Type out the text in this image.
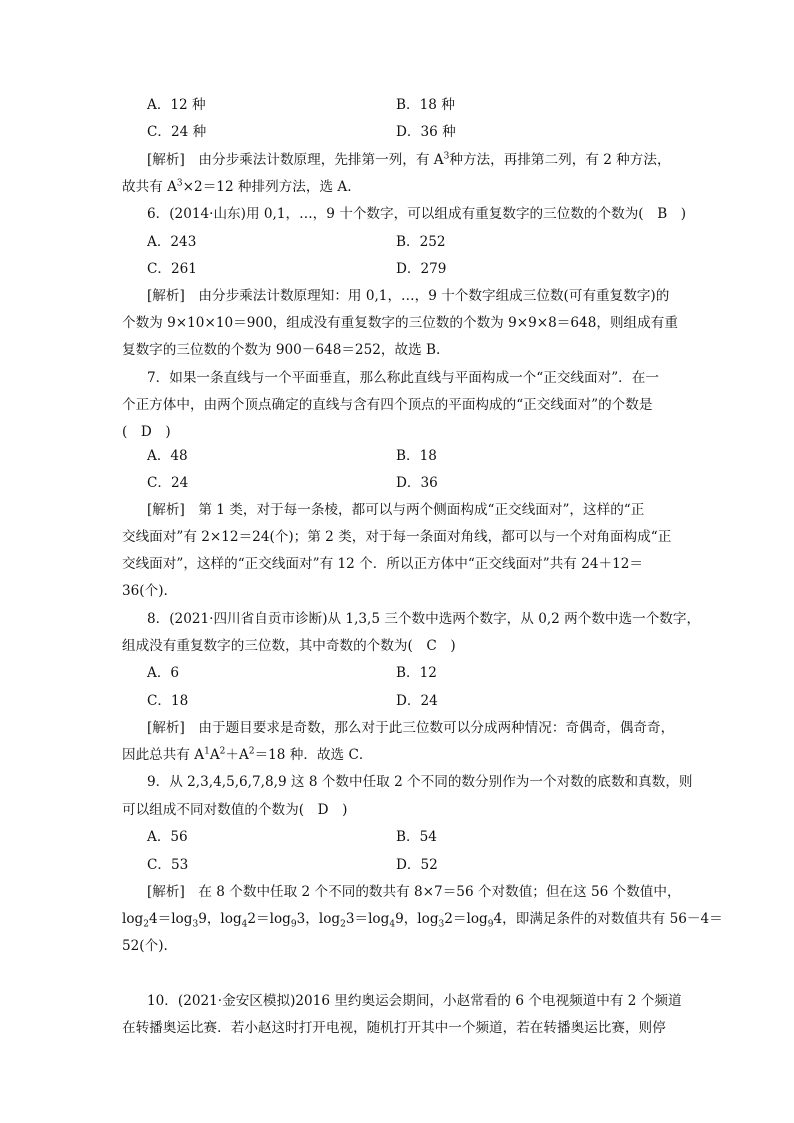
A．12 种	B．18 种
C．24 种	D．36 种
[解析]　由分步乘法计数原理，先排第一列，有 $A^3$种方法，再排第二列，有 2 种方法，
故共有 $A^3\times 2=12$ 种排列方法，选 A.
6．(2014·山东)用 0,1，…，9 十个数字，可以组成有重复数字的三位数的个数为(　B　)
A．243	B．252
C．261	D．279
[解析]　由分步乘法计数原理知：用 0,1，…，9 十个数字组成三位数(可有重复数字)的
个数为 9×10×10＝900，组成没有重复数字的三位数的个数为 9×9×8＝648，则组成有重
复数字的三位数的个数为 900－648＝252，故选 B.
7．如果一条直线与一个平面垂直，那么称此直线与平面构成一个“正交线面对”．在一
个正方体中，由两个顶点确定的直线与含有四个顶点的平面构成的“正交线面对”的个数是
(　D　)
A．48	B．18
C．24	D．36
[解析]　第 1 类，对于每一条棱，都可以与两个侧面构成“正交线面对”，这样的“正
交线面对”有 2×12＝24(个)；第 2 类，对于每一条面对角线，都可以与一个对角面构成“正
交线面对”，这样的“正交线面对”有 12 个．所以正方体中“正交线面对”共有 24＋12＝
36(个).
8．(2021·四川省自贡市诊断)从 1,3,5 三个数中选两个数字，从 0,2 两个数中选一个数字，
组成没有重复数字的三位数，其中奇数的个数为(　C　)
A．6	B．12
C．18	D．24
[解析]　由于题目要求是奇数，那么对于此三位数可以分成两种情况：奇偶奇，偶奇奇，
因此总共有 $A^1A^2+A^2=18$ 种．故选 C．
9．从 2,3,4,5,6,7,8,9 这 8 个数中任取 2 个不同的数分别作为一个对数的底数和真数，则
可以组成不同对数值的个数为(　D　)
A．56	B．54
C．53	D．52
[解析]　在 8 个数中任取 2 个不同的数共有 8×7＝56 个对数值；但在这 56 个数值中，
$\log_24=\log_39$，$\log_42=\log_93$，$\log_23=\log_49$，$\log_32=\log_94$，即满足条件的对数值共有 56－4＝
52(个).
10．(2021·金安区模拟)2016 里约奥运会期间，小赵常看的 6 个电视频道中有 2 个频道
在转播奥运比赛．若小赵这时打开电视，随机打开其中一个频道，若在转播奥运比赛，则停
